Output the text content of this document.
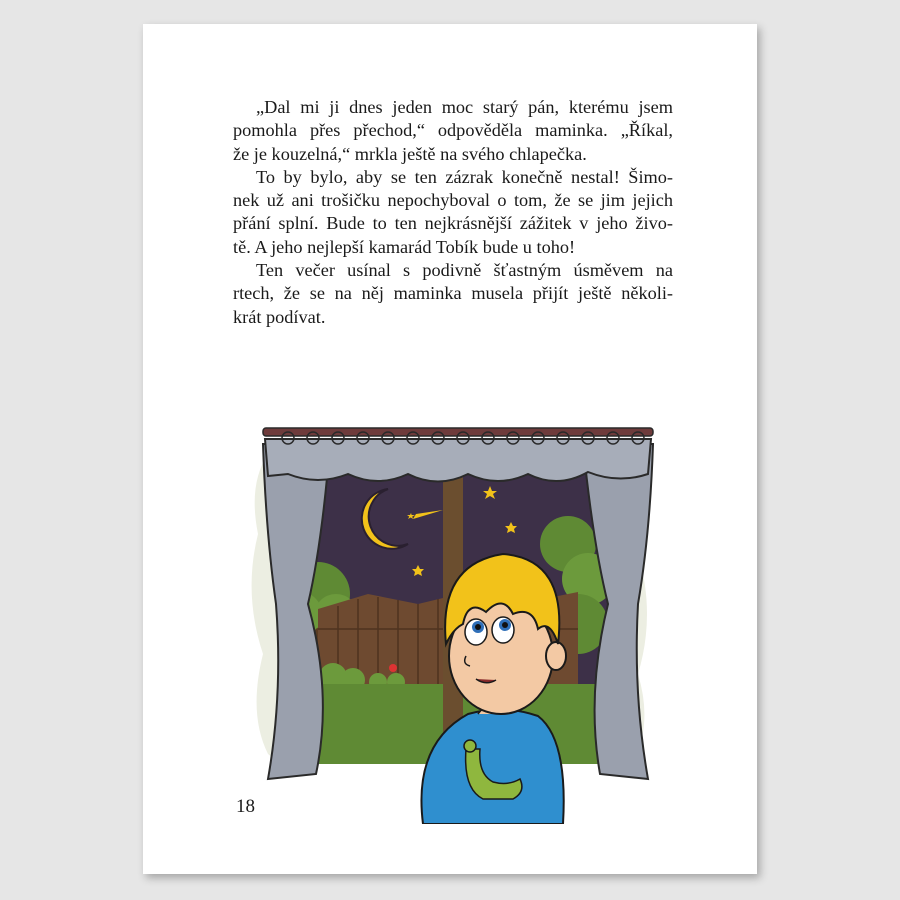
„Dal mi ji dnes jeden moc starý pán, kterému jsem
pomohla přes přechod,“ odpověděla maminka. „Říkal,
že je kouzelná,“ mrkla ještě na svého chlapečka.
To by bylo, aby se ten zázrak konečně nestal! Šimo-
nek už ani trošičku nepochyboval o tom, že se jim jejich
přání splní. Bude to ten nejkrásnější zážitek v jeho živo-
tě. A jeho nejlepší kamarád Tobík bude u toho!
Ten večer usínal s podivně šťastným úsměvem na
rtech, že se na něj maminka musela přijít ještě několi-
krát podívat.
18
